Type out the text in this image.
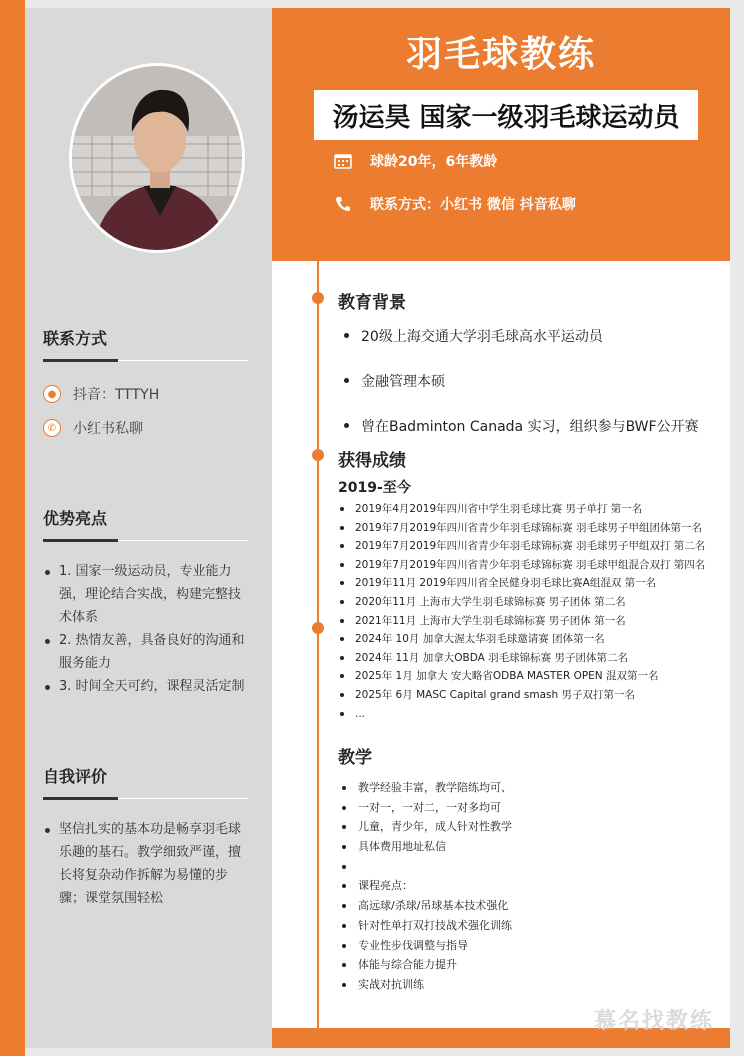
联系方式
●	抖音：TTTYH
✆	小红书私聊
优势亮点
1. 国家一级运动员，专业能力强，理论结合实战，构建完整技术体系
2. 热情友善，具备良好的沟通和服务能力
3. 时间全天可约，课程灵活定制
自我评价
坚信扎实的基本功是畅享羽毛球乐趣的基石。教学细致严谨，擅长将复杂动作拆解为易懂的步骤；课堂氛围轻松
羽毛球教练
汤运昊 国家一级羽毛球运动员
球龄20年，6年教龄
联系方式：小红书 微信 抖音私聊
教育背景
20级上海交通大学羽毛球高水平运动员
金融管理本硕
曾在Badminton Canada 实习，组织参与BWF公开赛
获得成绩
2019-至今
2019年4月2019年四川省中学生羽毛球比赛 男子单打 第一名
2019年7月2019年四川省青少年羽毛球锦标赛 羽毛球男子甲组团体第一名
2019年7月2019年四川省青少年羽毛球锦标赛 羽毛球男子甲组双打 第二名
2019年7月2019年四川省青少年羽毛球锦标赛 羽毛球甲组混合双打 第四名
2019年11月 2019年四川省全民健身羽毛球比赛A组混双 第一名
2020年11月 上海市大学生羽毛球锦标赛 男子团体 第二名
2021年11月 上海市大学生羽毛球锦标赛 男子团体 第一名
2024年 10月 加拿大渥太华羽毛球邀请赛 团体第一名
2024年 11月 加拿大OBDA 羽毛球锦标赛 男子团体第二名
2025年 1月 加拿大 安大略省ODBA MASTER OPEN 混双第一名
2025年 6月 MASC Capital grand smash 男子双打第一名
...
教学
教学经验丰富，教学陪练均可、
一对一，一对二，一对多均可
儿童，青少年，成人针对性教学
具体费用地址私信
课程亮点：
高远球/杀球/吊球基本技术强化
针对性单打双打技战术强化训练
专业性步伐调整与指导
体能与综合能力提升
实战对抗训练
慕名找教练
